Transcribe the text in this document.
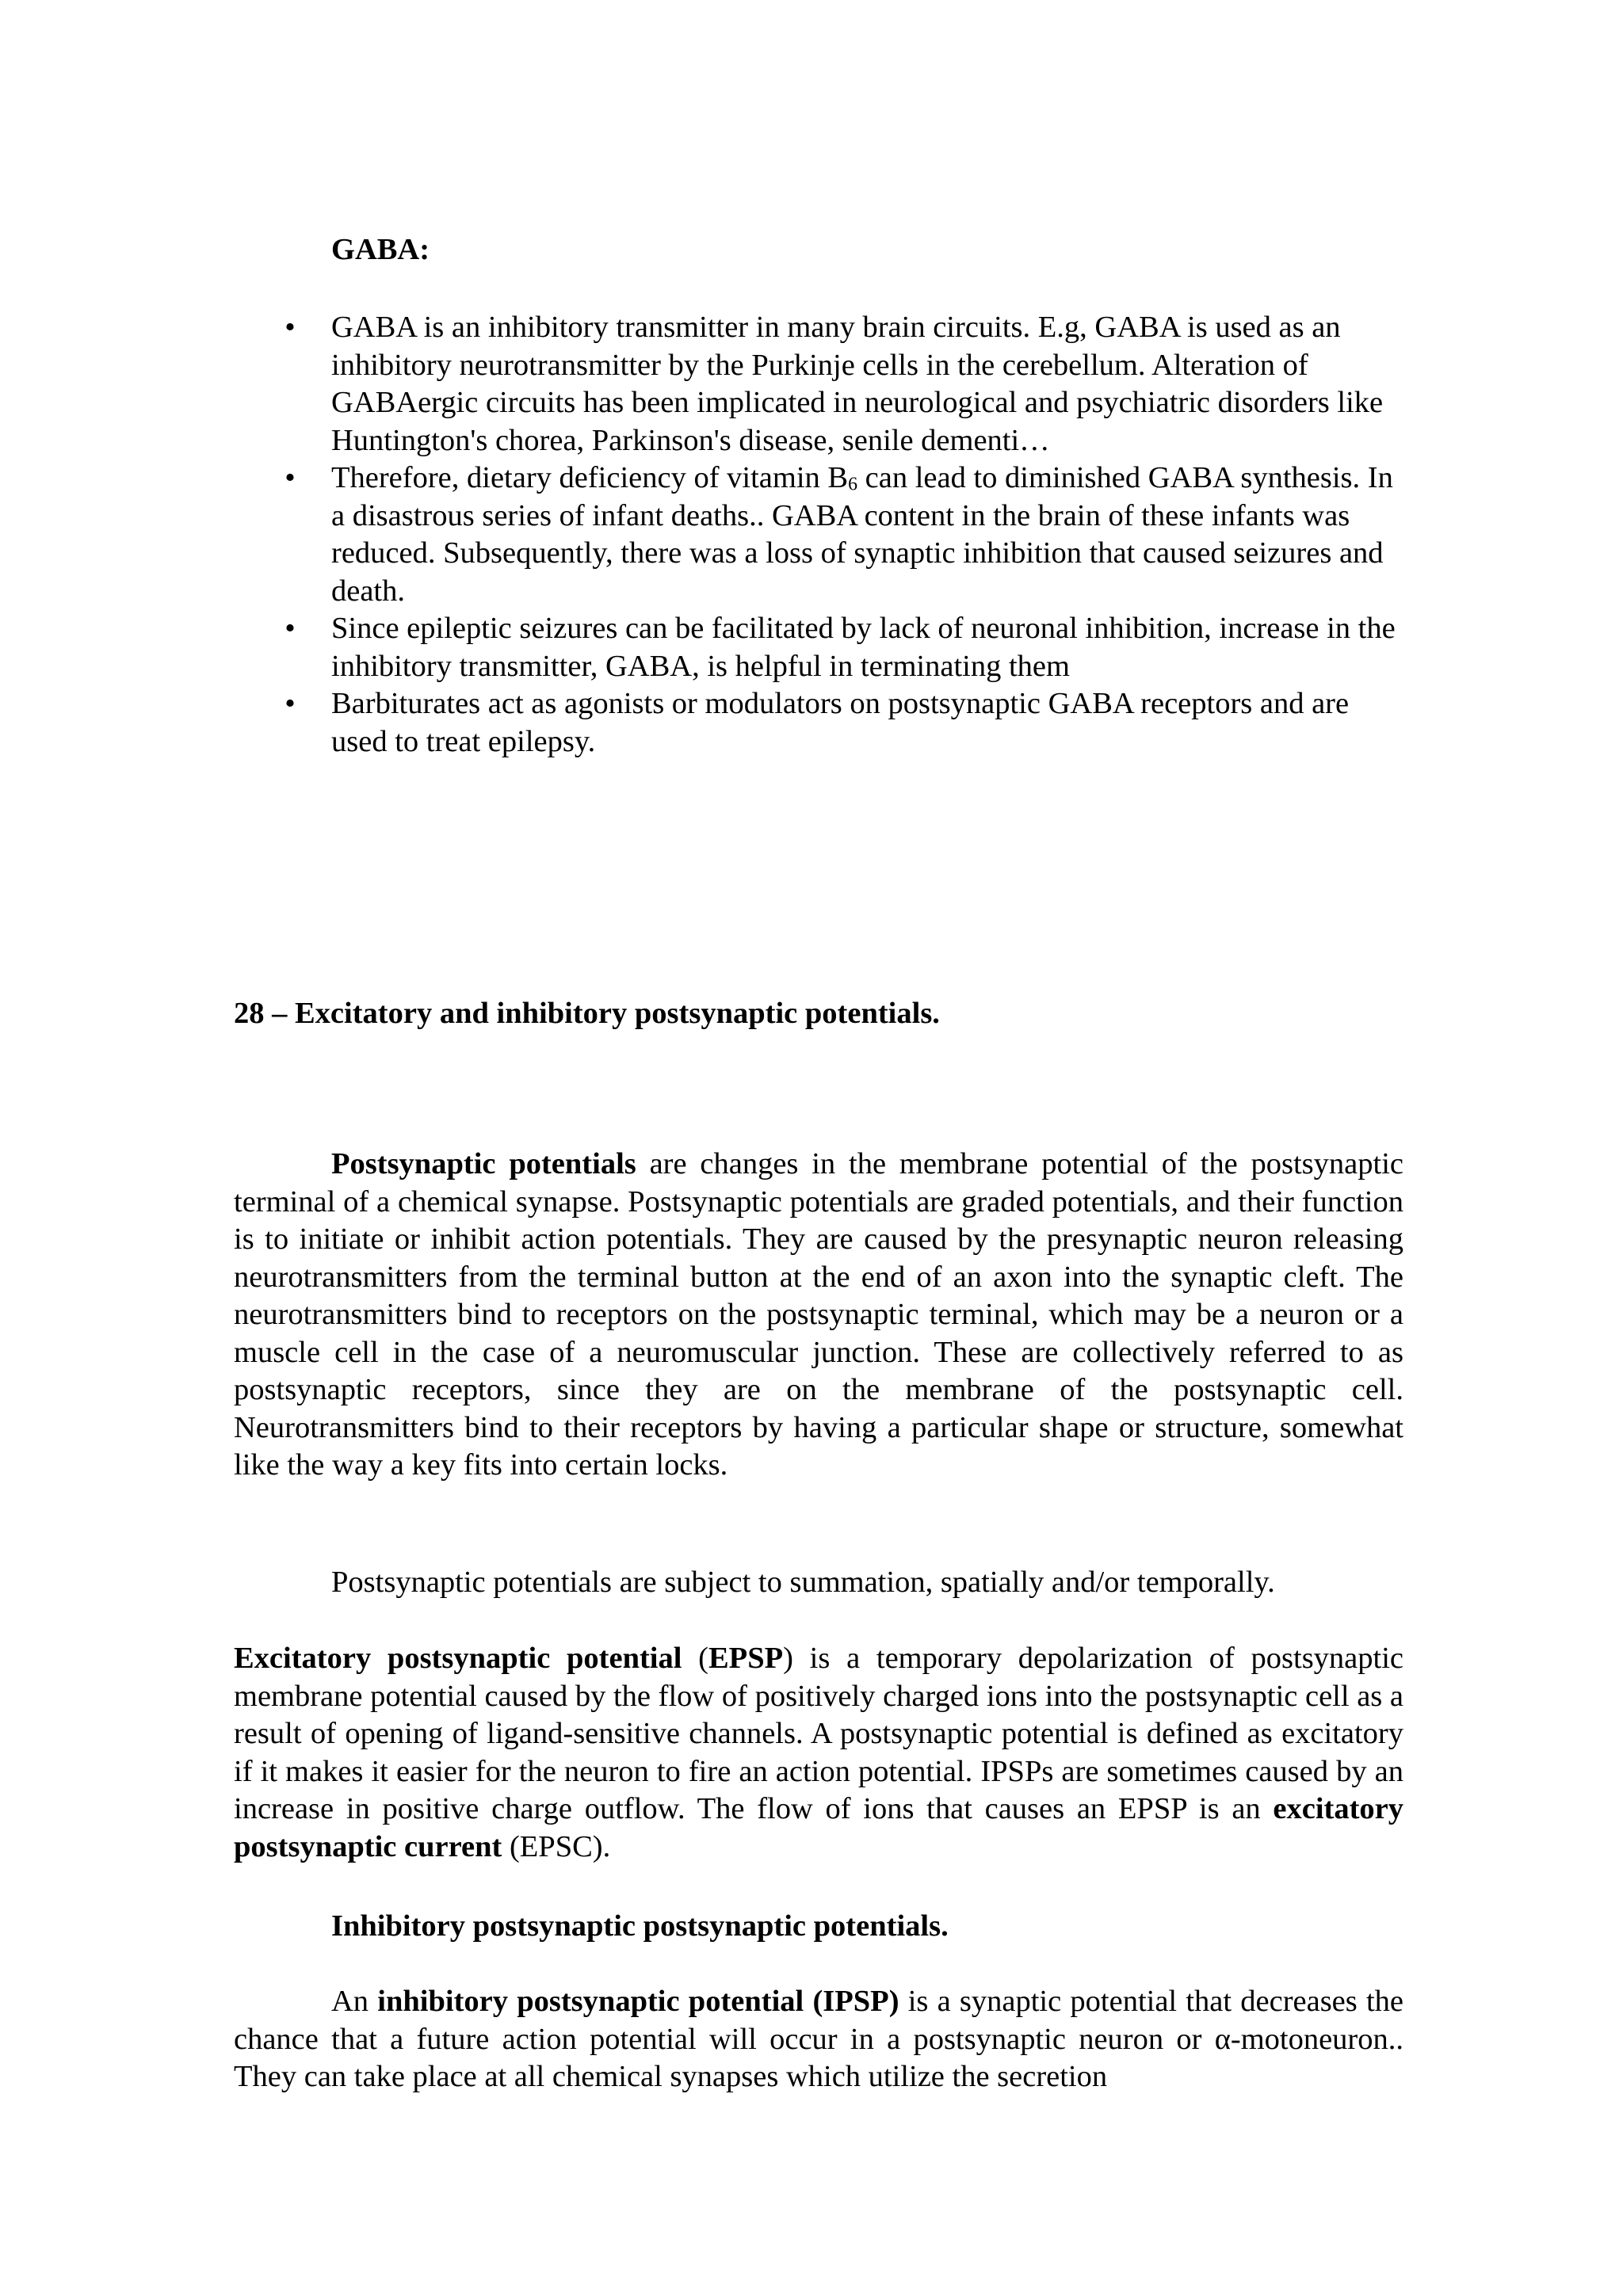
GABA:

• GABA is an inhibitory transmitter in many brain circuits. E.g, GABA is used as an inhibitory neurotransmitter by the Purkinje cells in the cerebellum. Alteration of GABAergic circuits has been implicated in neurological and psychiatric disorders like Huntington's chorea, Parkinson's disease, senile dementi…
• Therefore, dietary deficiency of vitamin $B_6$ can lead to diminished GABA synthesis. In a disastrous series of infant deaths.. GABA content in the brain of these infants was reduced. Subsequently, there was a loss of synaptic inhibition that caused seizures and death.
• Since epileptic seizures can be facilitated by lack of neuronal inhibition, increase in the inhibitory transmitter, GABA, is helpful in terminating them
• Barbiturates act as agonists or modulators on postsynaptic GABA receptors and are used to treat epilepsy.

28 – Excitatory and inhibitory postsynaptic potentials.

Postsynaptic potentials are changes in the membrane potential of the postsynaptic terminal of a chemical synapse. Postsynaptic potentials are graded potentials, and their function is to initiate or inhibit action potentials. They are caused by the presynaptic neuron releasing neurotransmitters from the terminal button at the end of an axon into the synaptic cleft. The neurotransmitters bind to receptors on the postsynaptic terminal, which may be a neuron or a muscle cell in the case of a neuromuscular junction. These are collectively referred to as postsynaptic receptors, since they are on the membrane of the postsynaptic cell. Neurotransmitters bind to their receptors by having a particular shape or structure, somewhat like the way a key fits into certain locks.

Postsynaptic potentials are subject to summation, spatially and/or temporally.

Excitatory postsynaptic potential (EPSP) is a temporary depolarization of postsynaptic membrane potential caused by the flow of positively charged ions into the postsynaptic cell as a result of opening of ligand-sensitive channels. A postsynaptic potential is defined as excitatory if it makes it easier for the neuron to fire an action potential. IPSPs are sometimes caused by an increase in positive charge outflow. The flow of ions that causes an EPSP is an excitatory postsynaptic current (EPSC).

Inhibitory postsynaptic postsynaptic potentials.

An inhibitory postsynaptic potential (IPSP) is a synaptic potential that decreases the chance that a future action potential will occur in a postsynaptic neuron or α-motoneuron.. They can take place at all chemical synapses which utilize the secretion
